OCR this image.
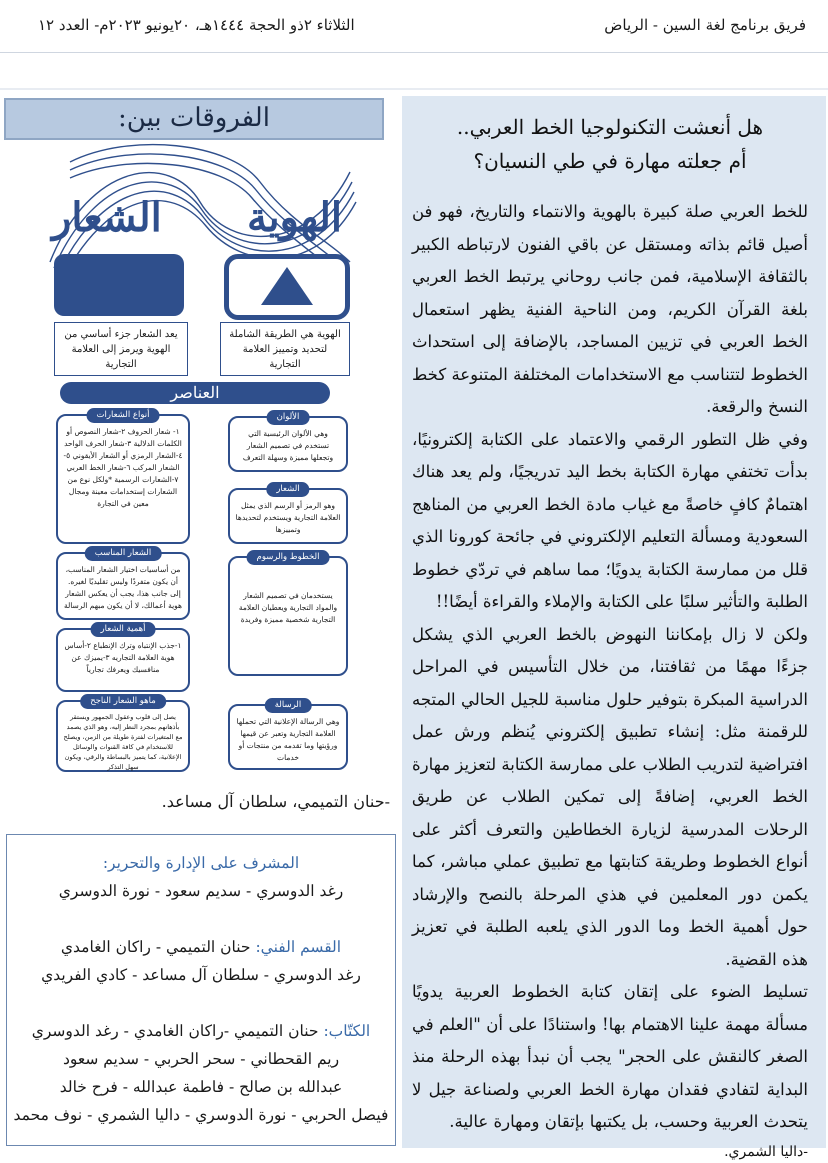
فريق برنامج لغة السين - الرياض
الثلاثاء ٢ذو الحجة ١٤٤٤هـ، ٢٠يونيو ٢٠٢٣م- العدد ١٢
هل أنعشت التكنولوجيا الخط العربي..
أم جعلته مهارة في طي النسيان؟

للخط العربي صلة كبيرة بالهوية والانتماء والتاريخ، فهو فن أصيل قائم بذاته ومستقل عن باقي الفنون لارتباطه الكبير بالثقافة الإسلامية، فمن جانب روحاني يرتبط الخط العربي بلغة القرآن الكريم، ومن الناحية الفنية يظهر استعمال الخط العربي في تزيين المساجد، بالإضافة إلى استحداث الخطوط لتتناسب مع الاستخدامات المختلفة المتنوعة كخط النسخ والرقعة.

وفي ظل التطور الرقمي والاعتماد على الكتابة إلكترونيًا، بدأت تختفي مهارة الكتابة بخط اليد تدريجيًا، ولم يعد هناك اهتمامٌ كافٍ خاصةً مع غياب مادة الخط العربي من المناهج السعودية ومسألة التعليم الإلكتروني في جائحة كورونا الذي قلل من ممارسة الكتابة يدويًا؛ مما ساهم في تردّي خطوط الطلبة والتأثير سلبًا على الكتابة والإملاء والقراءة أيضًا!!

ولكن لا زال بإمكاننا النهوض بالخط العربي الذي يشكل جزءًا مهمًا من ثقافتنا، من خلال التأسيس في المراحل الدراسية المبكرة بتوفير حلول مناسبة للجيل الحالي المتجه للرقمنة مثل: إنشاء تطبيق إلكتروني يُنظم ورش عمل افتراضية لتدريب الطلاب على ممارسة الكتابة لتعزيز مهارة الخط العربي، إضافةً إلى تمكين الطلاب عن طريق الرحلات المدرسية لزيارة الخطاطين والتعرف أكثر على أنواع الخطوط وطريقة كتابتها مع تطبيق عملي مباشر، كما يكمن دور المعلمين في هذي المرحلة بالنصح والإرشاد حول أهمية الخط وما الدور الذي يلعبه الطلبة في تعزيز هذه القضية.

تسليط الضوء على إتقان كتابة الخطوط العربية يدويًا مسألة مهمة علينا الاهتمام بها! واستنادًا على أن "العلم في الصغر كالنقش على الحجر" يجب أن نبدأ بهذه الرحلة منذ البداية لتفادي فقدان مهارة الخط العربي ولصناعة جيل لا يتحدث العربية وحسب، بل يكتبها بإتقان ومهارة عالية.

-داليا الشمري.

الفروقات بين:
الهوية
الشعار
الهوية هي الطريقة الشاملة لتحديد وتمييز العلامة التجارية
يعد الشعار جزء أساسي من الهوية ويرمز إلى العلامة التجارية
العناصر
الألوان
وهي الألوان الرئيسية التي تستخدم في تصميم الشعار وتجعلها مميزة وسهلة التعرف
الشعار
وهو الرمز أو الرسم الذي يمثل العلامة التجارية ويستخدم لتحديدها وتمييزها
الخطوط والرسوم
يستخدمان في تصميم الشعار والمواد التجارية ويعطيان العلامة التجارية شخصية مميزة وفريدة
الرسالة
وهي الرسالة الإعلانية التي تحملها العلامة التجارية وتعبر عن قيمها ورؤيتها وما تقدمه من منتجات أو خدمات
أنواع الشعارات
١- شعار الحروف ٢-شعار النصوص أو الكلمات الدلالية ٣-شعار الحرف الواحد ٤-الشعار الرمزي أو الشعار الأيقوني ٥-الشعار المركب ٦-شعار الخط العربي ٧-الشعارات الرسمية *ولكل نوع من الشعارات إستخدامات معينة ومجال معين في التجارة
الشعار المناسب
من أساسيات اختيار الشعار المناسب، أن يكون متفردًا وليس تقليديًا لغيره. إلى جانب هذا، يجب أن يعكس الشعار هوية أعمالك، لا أن يكون مبهم الرسالة
أهمية الشعار
١-جذب الإنتباه وترك الإنطباع ٢-أساس هوية العلامة التجاريه ٣-يميزك عن منافسيك ويعرفك تجارياً
ماهو الشعار الناجح
يصل إلى قلوب وعقول الجمهور ويستقر بأذهانهم بمجرد النظر إليه، وهو الذي يصمد مع المتغيرات لفترة طويلة من الزمن، ويصلح للاستخدام في كافة القنوات والوسائل الإعلانية، كما يتميز بالبساطة والرقي، ويكون سهل التذكر
-حنان التميمي، سلطان آل مساعد.
المشرف على الإدارة والتحرير:
رغد الدوسري - سديم سعود - نورة الدوسري
القسم الفني: حنان التميمي - راكان الغامدي
رغد الدوسري - سلطان آل مساعد - كادي الفريدي
الكتّاب: حنان التميمي -راكان الغامدي - رغد الدوسري
ريم القحطاني - سحر الحربي - سديم سعود
عبدالله بن صالح - فاطمة عبدالله - فرح خالد
فيصل الحربي - نورة الدوسري - داليا الشمري - نوف محمد
